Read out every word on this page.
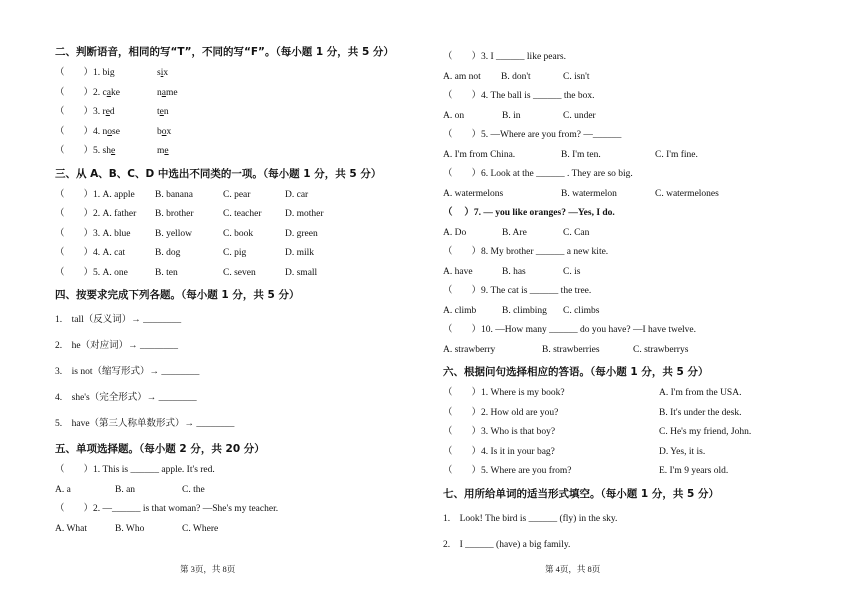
二、判断语音，相同的写“T”，不同的写“F”。（每小题 1 分，共 5 分）
（　　）1. big	six
（　　）2. cake	name
（　　）3. red	ten
（　　）4. nose	box
（　　）5. she	me
三、从 A、B、C、D 中选出不同类的一项。（每小题 1 分，共 5 分）
（　　）1. A. apple B. banana	C. pear	D. car
（　　）2. A. father B. brother	C. teacher D. mother
（　　）3. A. blue	B. yellow	C. book	D. green
（　　）4. A. cat	B. dog	C. pig	D. milk
（　　）5. A. one	B. ten	C. seven	D. small
四、按要求完成下列各题。（每小题 1 分，共 5 分）
1.　tall（反义词）→ ________
2.　he（对应词）→ ________
3.　is not（缩写形式）→ ________
4.　she's（完全形式）→ ________
5.　have（第三人称单数形式）→ ________
五、单项选择题。（每小题 2 分，共 20 分）
（　　）1. This is ______ apple. It's red.
A. a	B. an	C. the
（　　）2. —______ is that woman? —She's my teacher.
A. What	B. Who	C. Where
第 3页，共 8页
（　　）3. I ______ like pears.
A. am not B. don't	C. isn't
（　　）4. The ball is ______ the box.
A. on	B. in	C. under
（　　）5. —Where are you from? —______
A. I'm from China.	B. I'm ten.	C. I'm fine.
（　　）6. Look at the ______ . They are so big.
A. watermelons	B. watermelon	C. watermelones
（　 ）7. — you like oranges? —Yes, I do.
A. Do	B. Are	C. Can
（　　）8. My brother ______ a new kite.
A. have	B. has	C. is
（　　）9. The cat is ______ the tree.
A. climb	B. climbing C. climbs
（　　）10. —How many ______ do you have? —I have twelve.
A. strawberry	B. strawberries	C. strawberrys
六、根据问句选择相应的答语。（每小题 1 分，共 5 分）
（　　）1. Where is my book?	A. I'm from the USA.
（　　）2. How old are you?	B. It's under the desk.
（　　）3. Who is that boy?	C. He's my friend, John.
（　　）4. Is it in your bag?	D. Yes, it is.
（　　）5. Where are you from?	E. I'm 9 years old.
七、用所给单词的适当形式填空。（每小题 1 分，共 5 分）
1.　Look! The bird is ______ (fly) in the sky.
2.　I ______ (have) a big family.
第 4页，共 8页
